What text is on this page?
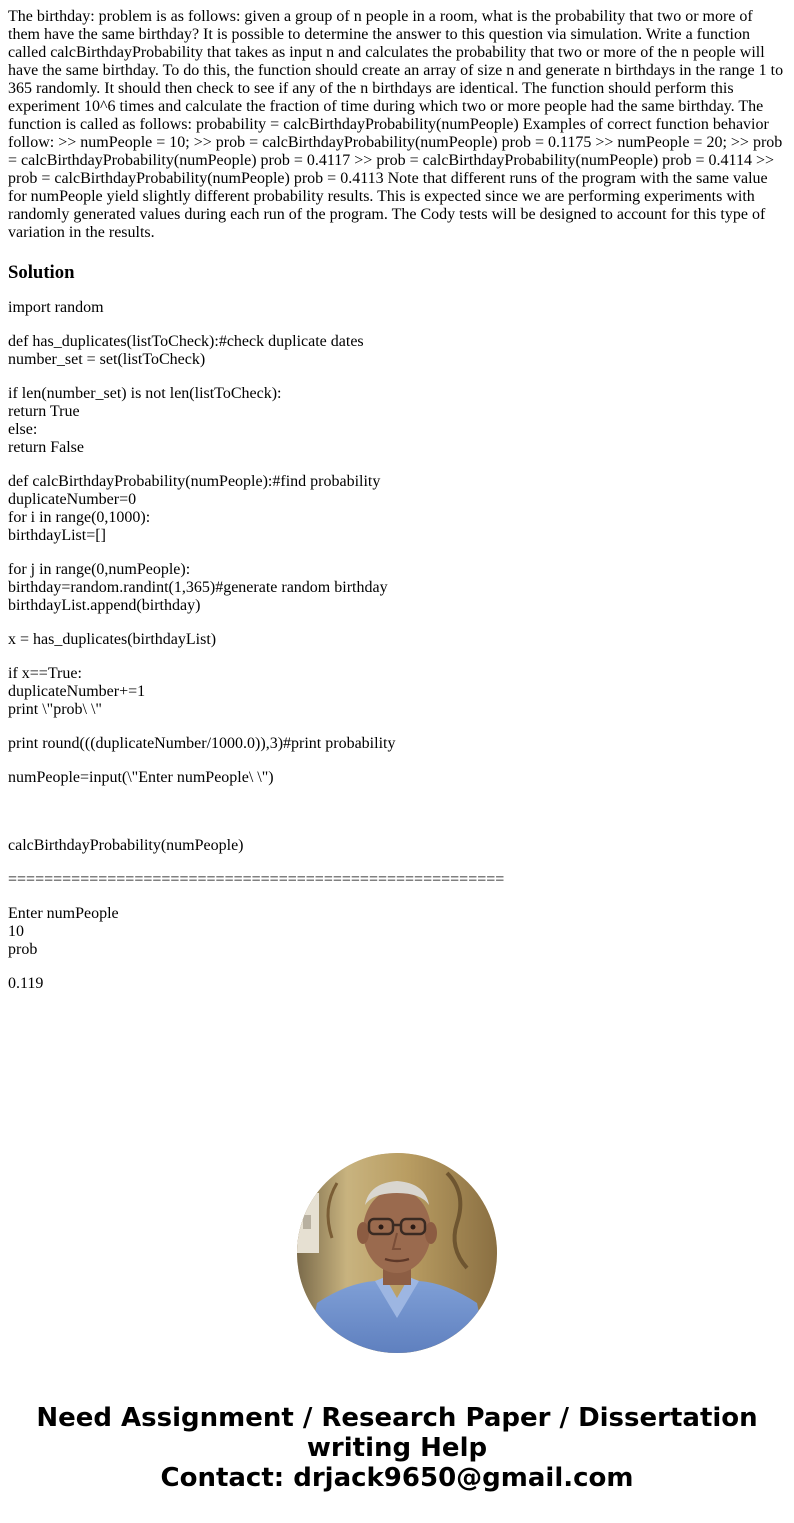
The birthday: problem is as follows: given a group of n people in a room, what is the probability that two or more of them have the same birthday? It is possible to determine the answer to this question via simulation. Write a function called calcBirthdayProbability that takes as input n and calculates the probability that two or more of the n people will have the same birthday. To do this, the function should create an array of size n and generate n birthdays in the range 1 to 365 randomly. It should then check to see if any of the n birthdays are identical. The function should perform this experiment 10^6 times and calculate the fraction of time during which two or more people had the same birthday. The function is called as follows: probability = calcBirthdayProbability(numPeople) Examples of correct function behavior follow: >> numPeople = 10; >> prob = calcBirthdayProbability(numPeople) prob = 0.1175 >> numPeople = 20; >> prob = calcBirthdayProbability(numPeople) prob = 0.4117 >> prob = calcBirthdayProbability(numPeople) prob = 0.4114 >> prob = calcBirthdayProbability(numPeople) prob = 0.4113 Note that different runs of the program with the same value for numPeople yield slightly different probability results. This is expected since we are performing experiments with randomly generated values during each run of the program. The Cody tests will be designed to account for this type of variation in the results.

Solution
import random
def has_duplicates(listToCheck):#check duplicate dates
number_set = set(listToCheck)
if len(number_set) is not len(listToCheck):
return True
else:
return False
def calcBirthdayProbability(numPeople):#find probability
duplicateNumber=0
for i in range(0,1000):
birthdayList=[]
for j in range(0,numPeople):
birthday=random.randint(1,365)#generate random birthday
birthdayList.append(birthday)
x = has_duplicates(birthdayList)
if x==True:
duplicateNumber+=1
print \"prob\ \"
print round(((duplicateNumber/1000.0)),3)#print probability
numPeople=input(\"Enter numPeople\ \")
calcBirthdayProbability(numPeople)
=======================================================
Enter numPeople
10
prob
0.119
Need Assignment / Research Paper / Dissertation
writing Help
Contact: drjack9650@gmail.com
